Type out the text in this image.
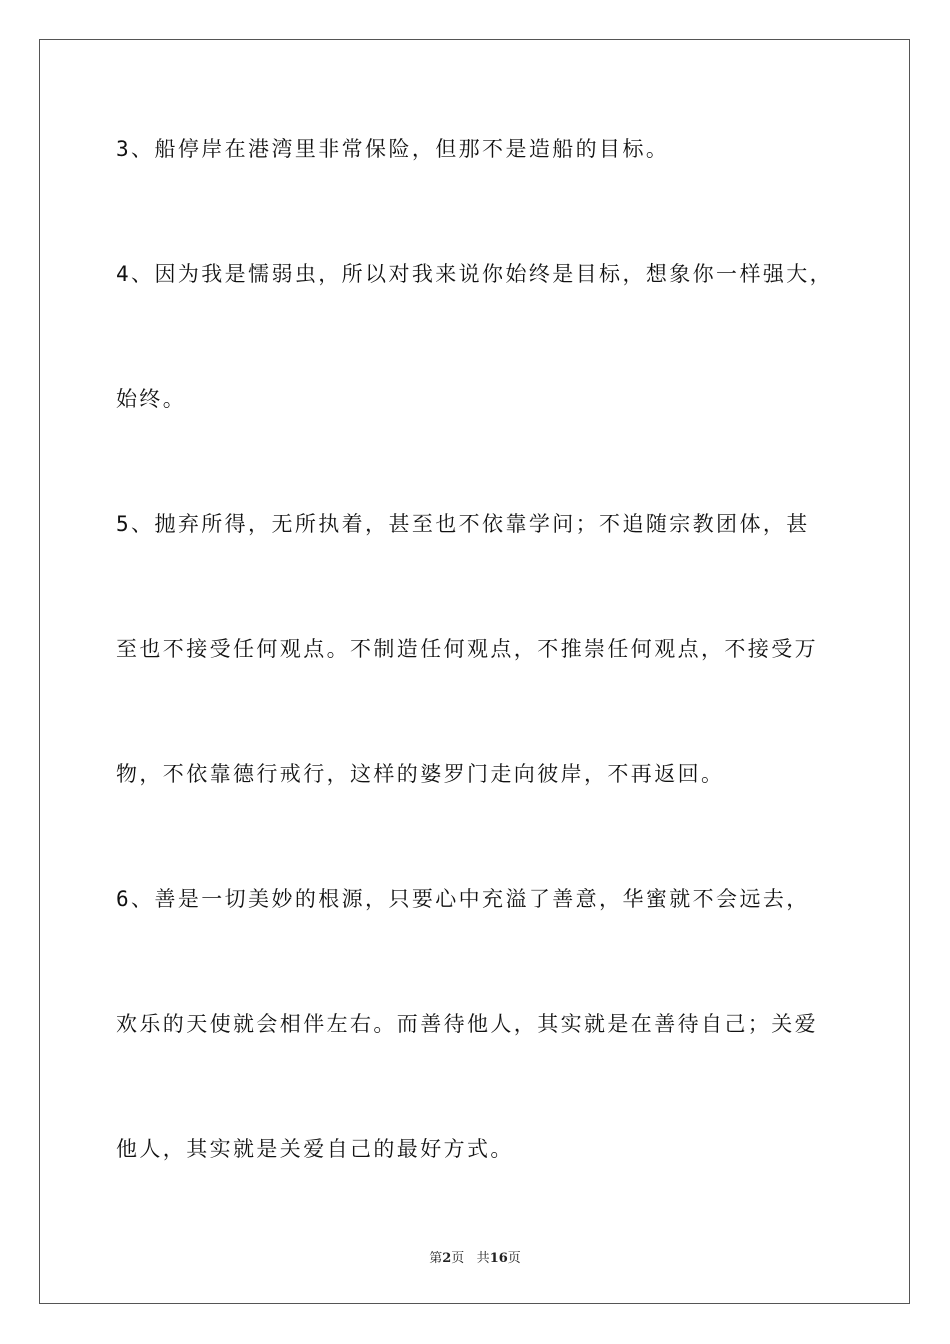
3、船停岸在港湾里非常保险，但那不是造船的目标。
4、因为我是懦弱虫，所以对我来说你始终是目标，想象你一样强大，
始终。
5、抛弃所得，无所执着，甚至也不依靠学问；不追随宗教团体，甚
至也不接受任何观点。不制造任何观点，不推崇任何观点，不接受万
物，不依靠德行戒行，这样的婆罗门走向彼岸，不再返回。
6、善是一切美妙的根源，只要心中充溢了善意，华蜜就不会远去，
欢乐的天使就会相伴左右。而善待他人，其实就是在善待自己；关爱
他人，其实就是关爱自己的最好方式。
第2页 共16页
